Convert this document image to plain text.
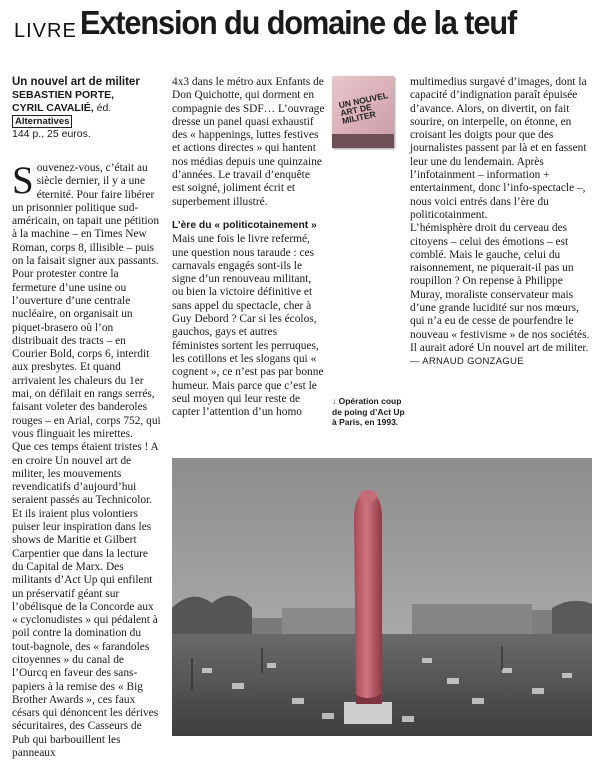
LIVRE Extension du domaine de la teuf
Un nouvel art de militer
SEBASTIEN PORTE,
CYRIL CAVALIÉ, éd. Alternatives
144 p., 25 euros.

Souvenez-vous, c’était au siècle dernier, il y a une éternité. Pour faire libérer un prisonnier politique sud-américain, on tapait une pétition à la machine – en Times New Roman, corps 8, illisible – puis on la faisait signer aux passants. Pour protester contre la fermeture d’une usine ou l’ouverture d’une centrale nucléaire, on organisait un piquet-brasero où l’on distribuait des tracts – en Courier Bold, corps 6, interdit aux presbytes. Et quand arrivaient les chaleurs du 1er mai, on défilait en rangs serrés, faisant voleter des banderoles rouges – en Arial, corps 752, qui vous flinguait les mirettes.

Que ces temps étaient tristes ! A en croire Un nouvel art de militer, les mouvements revendicatifs d’aujourd’hui seraient passés au Technicolor. Et ils iraient plus volontiers puiser leur inspiration dans les shows de Maritie et Gilbert Carpentier que dans la lecture du Capital de Marx. Des militants d’Act Up qui enfilent un préservatif géant sur l’obélisque de la Concorde aux « cyclonudistes » qui pédalent à poil contre la domination du tout-bagnole, des « farandoles citoyennes » du canal de l’Ourcq en faveur des sans-papiers à la remise des « Big Brother Awards », ces faux césars qui dénoncent les dérives sécuritaires, des Casseurs de Pub qui barbouillent les panneaux

4x3 dans le métro aux Enfants de Don Quichotte, qui dorment en compagnie des SDF… L’ouvrage dresse un panel quasi exhaustif des « happenings, luttes festives et actions directes » qui hantent nos médias depuis une quinzaine d’années. Le travail d’enquête est soigné, joliment écrit et superbement illustré.

L’ère du « politicotainement »

Mais une fois le livre refermé, une question nous taraude : ces carnavals engagés sont-ils le signe d’un renouveau militant, ou bien la victoire définitive et sans appel du spectacle, cher à Guy Debord ? Car si les écolos, gauchos, gays et autres féministes sortent les perruques, les cotillons et les slogans qui « cognent », ce n’est pas par bonne humeur. Mais parce que c’est le seul moyen qui leur reste de capter l’attention d’un homo

UN NOUVEL ART DE MILITER
↓ Opération coup de poing d’Act Up à Paris, en 1993.

multimedius surgavé d’images, dont la capacité d’indignation paraît épuisée d’avance. Alors, on divertit, on fait sourire, on interpelle, on étonne, en croisant les doigts pour que des journalistes passent par là et en fassent leur une du lendemain. Après l’infotainment – information + entertainment, donc l’info-spectacle –, nous voici entrés dans l’ère du politicotainment.

L’hémisphère droit du cerveau des citoyens – celui des émotions – est comblé. Mais le gauche, celui du raisonnement, ne piquerait-il pas un roupillon ? On repense à Philippe Muray, moraliste conservateur mais d’une grande lucidité sur nos mœurs, qui n’a eu de cesse de pourfendre le nouveau « festivisme » de nos sociétés. Il aurait adoré Un nouvel art de militer. — ARNAUD GONZAGUE
